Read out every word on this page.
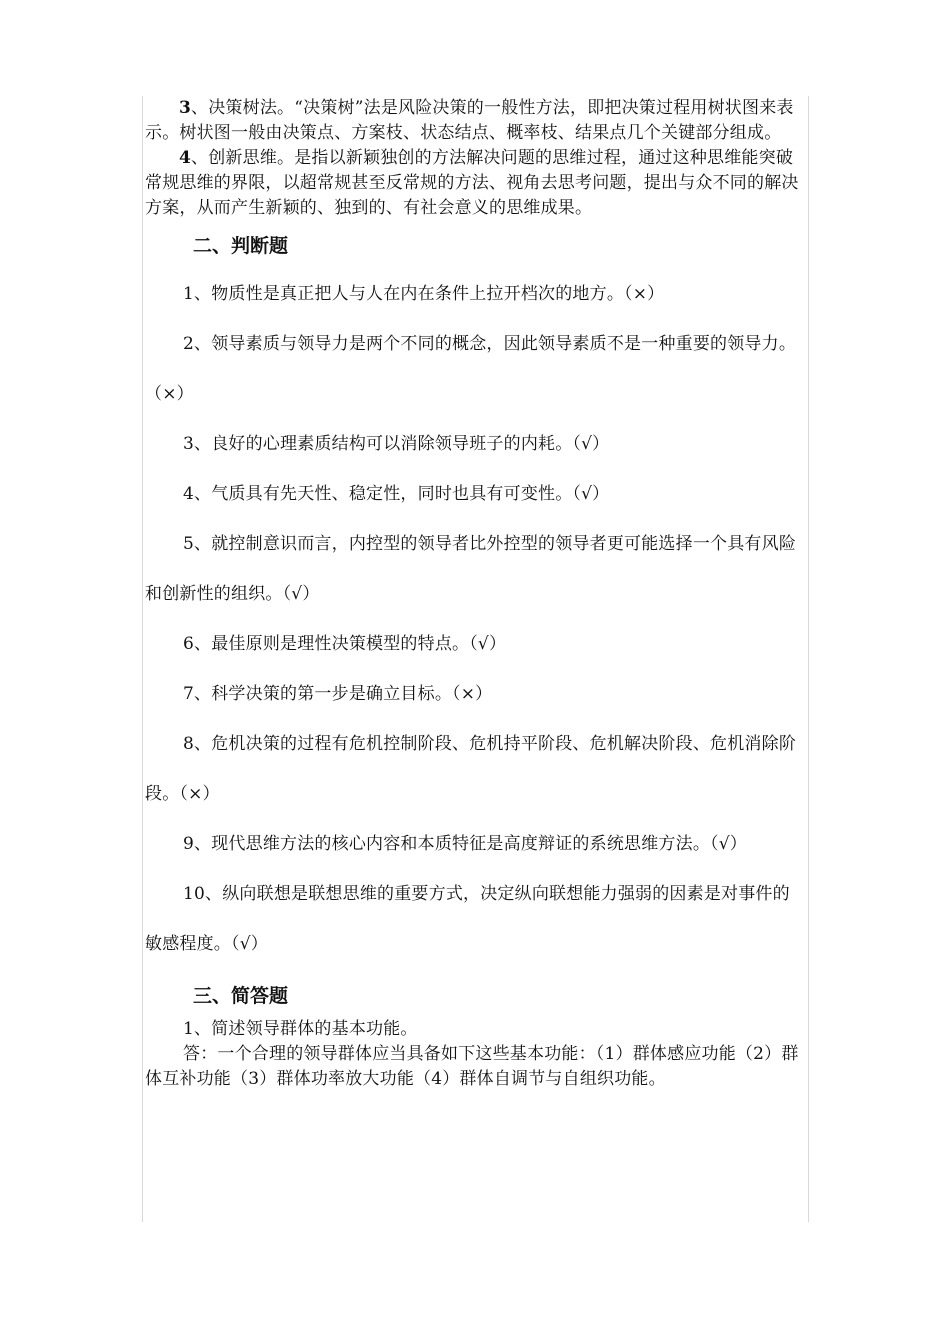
3、决策树法。“决策树”法是风险决策的一般性方法，即把决策过程用树状图来表示。树状图一般由决策点、方案枝、状态结点、概率枝、结果点几个关键部分组成。

4、创新思维。是指以新颖独创的方法解决问题的思维过程，通过这种思维能突破常规思维的界限，以超常规甚至反常规的方法、视角去思考问题，提出与众不同的解决方案，从而产生新颖的、独到的、有社会意义的思维成果。

二、判断题

1、物质性是真正把人与人在内在条件上拉开档次的地方。（×）

2、领导素质与领导力是两个不同的概念，因此领导素质不是一种重要的领导力。（×）

3、良好的心理素质结构可以消除领导班子的内耗。（√）

4、气质具有先天性、稳定性，同时也具有可变性。（√）

5、就控制意识而言，内控型的领导者比外控型的领导者更可能选择一个具有风险和创新性的组织。（√）

6、最佳原则是理性决策模型的特点。（√）

7、科学决策的第一步是确立目标。（×）

8、危机决策的过程有危机控制阶段、危机持平阶段、危机解决阶段、危机消除阶段。（×）

9、现代思维方法的核心内容和本质特征是高度辩证的系统思维方法。（√）

10、纵向联想是联想思维的重要方式，决定纵向联想能力强弱的因素是对事件的敏感程度。（√）

三、简答题

1、简述领导群体的基本功能。

答：一个合理的领导群体应当具备如下这些基本功能：（1）群体感应功能（2）群体互补功能（3）群体功率放大功能（4）群体自调节与自组织功能。
